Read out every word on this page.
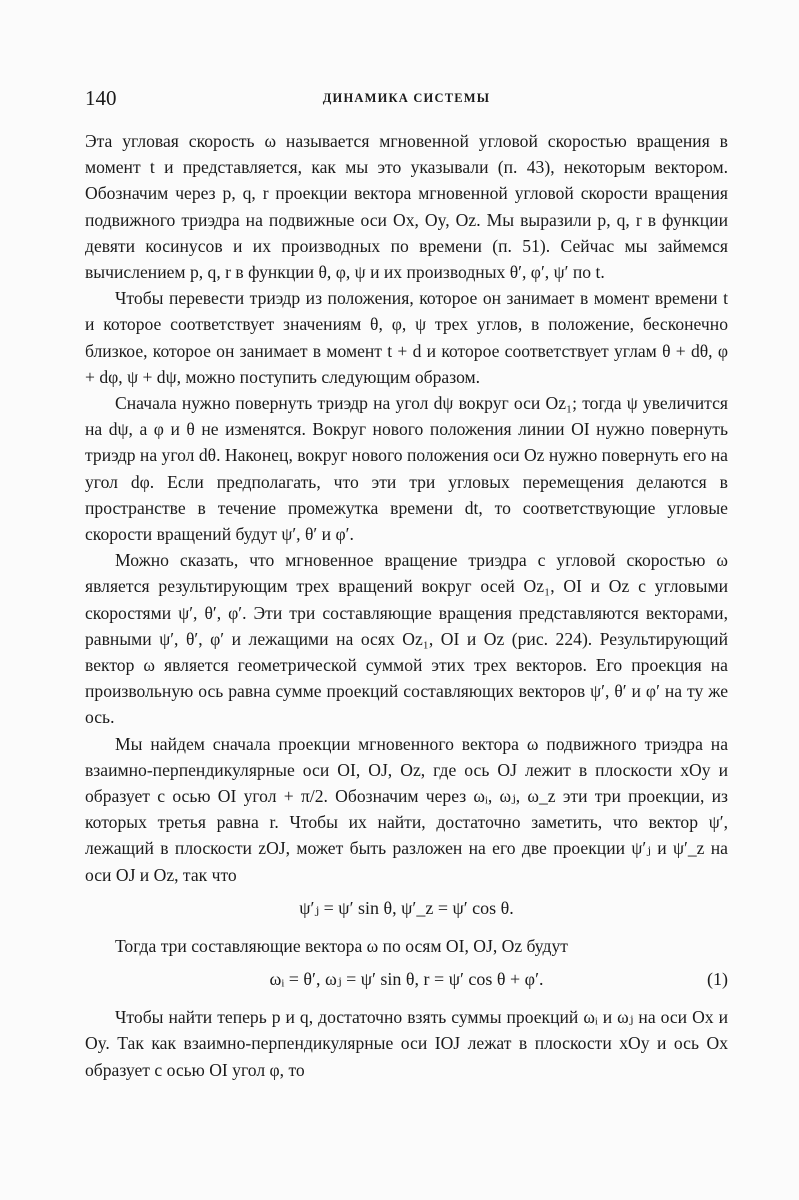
140	ДИНАМИКА СИСТЕМЫ

Эта угловая скорость ω называется мгновенной угловой скоростью вращения в момент t и представляется, как мы это указывали (п. 43), некоторым вектором. Обозначим через p, q, r проекции вектора мгновенной угловой скорости вращения подвижного триэдра на подвижные оси Ox, Oy, Oz. Мы выразили p, q, r в функции девяти косинусов и их производных по времени (п. 51). Сейчас мы займемся вычислением p, q, r в функции θ, φ, ψ и их производных θ′, φ′, ψ′ по t.

Чтобы перевести триэдр из положения, которое он занимает в момент времени t и которое соответствует значениям θ, φ, ψ трех углов, в положение, бесконечно близкое, которое он занимает в момент t + d и которое соответствует углам θ + dθ, φ + dφ, ψ + dψ, можно поступить следующим образом.

Сначала нужно повернуть триэдр на угол dψ вокруг оси Oz₁; тогда ψ увеличится на dψ, а φ и θ не изменятся. Вокруг нового положения линии OI нужно повернуть триэдр на угол dθ. Наконец, вокруг нового положения оси Oz нужно повернуть его на угол dφ. Если предполагать, что эти три угловых перемещения делаются в пространстве в течение промежутка времени dt, то соответствующие угловые скорости вращений будут ψ′, θ′ и φ′.

Можно сказать, что мгновенное вращение триэдра с угловой скоростью ω является результирующим трех вращений вокруг осей Oz₁, OI и Oz с угловыми скоростями ψ′, θ′, φ′. Эти три составляющие вращения представляются векторами, равными ψ′, θ′, φ′ и лежащими на осях Oz₁, OI и Oz (рис. 224). Результирующий вектор ω является геометрической суммой этих трех векторов. Его проекция на произвольную ось равна сумме проекций составляющих векторов ψ′, θ′ и φ′ на ту же ось.

Мы найдем сначала проекции мгновенного вектора ω подвижного триэдра на взаимно-перпендикулярные оси OI, OJ, Oz, где ось OJ лежит в плоскости xOy и образует с осью OI угол + π/2. Обозначим через ωᵢ, ωⱼ, ω_z эти три проекции, из которых третья равна r. Чтобы их найти, достаточно заметить, что вектор ψ′, лежащий в плоскости zOJ, может быть разложен на его две проекции ψ′ⱼ и ψ′_z на оси OJ и Oz, так что

ψ′ⱼ = ψ′ sin θ, ψ′_z = ψ′ cos θ.

Тогда три составляющие вектора ω по осям OI, OJ, Oz будут

ωᵢ = θ′, ωⱼ = ψ′ sin θ, r = ψ′ cos θ + φ′.	(1)

Чтобы найти теперь p и q, достаточно взять суммы проекций ωᵢ и ωⱼ на оси Ox и Oy. Так как взаимно-перпендикулярные оси IOJ лежат в плоскости xOy и ось Ox образует с осью OI угол φ, то
